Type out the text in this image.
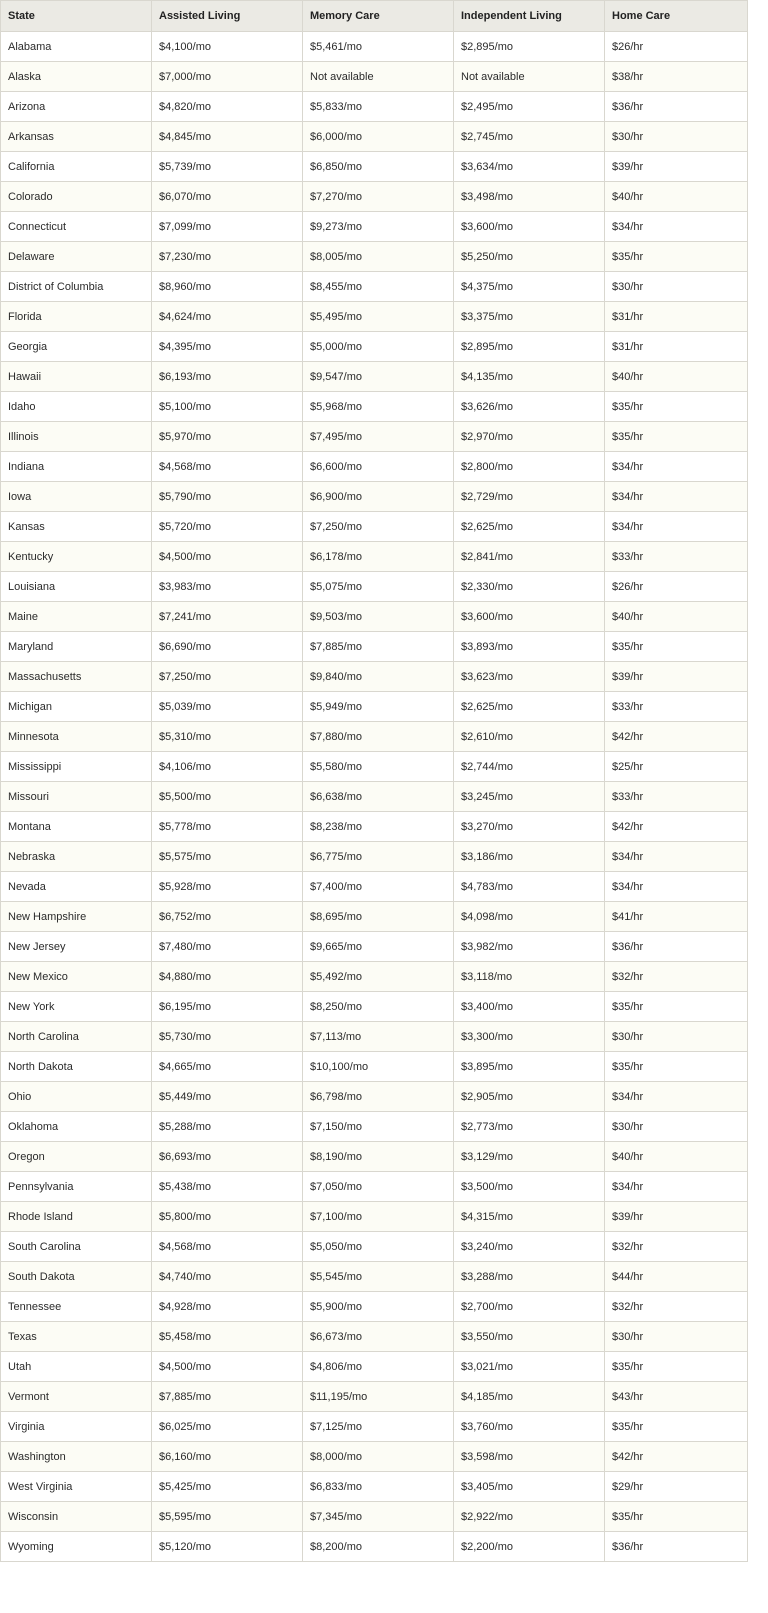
State	Assisted Living	Memory Care	Independent Living	Home Care
Alabama	$4,100/mo	$5,461/mo	$2,895/mo	$26/hr
Alaska	$7,000/mo	Not available	Not available	$38/hr
Arizona	$4,820/mo	$5,833/mo	$2,495/mo	$36/hr
Arkansas	$4,845/mo	$6,000/mo	$2,745/mo	$30/hr
California	$5,739/mo	$6,850/mo	$3,634/mo	$39/hr
Colorado	$6,070/mo	$7,270/mo	$3,498/mo	$40/hr
Connecticut	$7,099/mo	$9,273/mo	$3,600/mo	$34/hr
Delaware	$7,230/mo	$8,005/mo	$5,250/mo	$35/hr
District of Columbia	$8,960/mo	$8,455/mo	$4,375/mo	$30/hr
Florida	$4,624/mo	$5,495/mo	$3,375/mo	$31/hr
Georgia	$4,395/mo	$5,000/mo	$2,895/mo	$31/hr
Hawaii	$6,193/mo	$9,547/mo	$4,135/mo	$40/hr
Idaho	$5,100/mo	$5,968/mo	$3,626/mo	$35/hr
Illinois	$5,970/mo	$7,495/mo	$2,970/mo	$35/hr
Indiana	$4,568/mo	$6,600/mo	$2,800/mo	$34/hr
Iowa	$5,790/mo	$6,900/mo	$2,729/mo	$34/hr
Kansas	$5,720/mo	$7,250/mo	$2,625/mo	$34/hr
Kentucky	$4,500/mo	$6,178/mo	$2,841/mo	$33/hr
Louisiana	$3,983/mo	$5,075/mo	$2,330/mo	$26/hr
Maine	$7,241/mo	$9,503/mo	$3,600/mo	$40/hr
Maryland	$6,690/mo	$7,885/mo	$3,893/mo	$35/hr
Massachusetts	$7,250/mo	$9,840/mo	$3,623/mo	$39/hr
Michigan	$5,039/mo	$5,949/mo	$2,625/mo	$33/hr
Minnesota	$5,310/mo	$7,880/mo	$2,610/mo	$42/hr
Mississippi	$4,106/mo	$5,580/mo	$2,744/mo	$25/hr
Missouri	$5,500/mo	$6,638/mo	$3,245/mo	$33/hr
Montana	$5,778/mo	$8,238/mo	$3,270/mo	$42/hr
Nebraska	$5,575/mo	$6,775/mo	$3,186/mo	$34/hr
Nevada	$5,928/mo	$7,400/mo	$4,783/mo	$34/hr
New Hampshire	$6,752/mo	$8,695/mo	$4,098/mo	$41/hr
New Jersey	$7,480/mo	$9,665/mo	$3,982/mo	$36/hr
New Mexico	$4,880/mo	$5,492/mo	$3,118/mo	$32/hr
New York	$6,195/mo	$8,250/mo	$3,400/mo	$35/hr
North Carolina	$5,730/mo	$7,113/mo	$3,300/mo	$30/hr
North Dakota	$4,665/mo	$10,100/mo	$3,895/mo	$35/hr
Ohio	$5,449/mo	$6,798/mo	$2,905/mo	$34/hr
Oklahoma	$5,288/mo	$7,150/mo	$2,773/mo	$30/hr
Oregon	$6,693/mo	$8,190/mo	$3,129/mo	$40/hr
Pennsylvania	$5,438/mo	$7,050/mo	$3,500/mo	$34/hr
Rhode Island	$5,800/mo	$7,100/mo	$4,315/mo	$39/hr
South Carolina	$4,568/mo	$5,050/mo	$3,240/mo	$32/hr
South Dakota	$4,740/mo	$5,545/mo	$3,288/mo	$44/hr
Tennessee	$4,928/mo	$5,900/mo	$2,700/mo	$32/hr
Texas	$5,458/mo	$6,673/mo	$3,550/mo	$30/hr
Utah	$4,500/mo	$4,806/mo	$3,021/mo	$35/hr
Vermont	$7,885/mo	$11,195/mo	$4,185/mo	$43/hr
Virginia	$6,025/mo	$7,125/mo	$3,760/mo	$35/hr
Washington	$6,160/mo	$8,000/mo	$3,598/mo	$42/hr
West Virginia	$5,425/mo	$6,833/mo	$3,405/mo	$29/hr
Wisconsin	$5,595/mo	$7,345/mo	$2,922/mo	$35/hr
Wyoming	$5,120/mo	$8,200/mo	$2,200/mo	$36/hr
